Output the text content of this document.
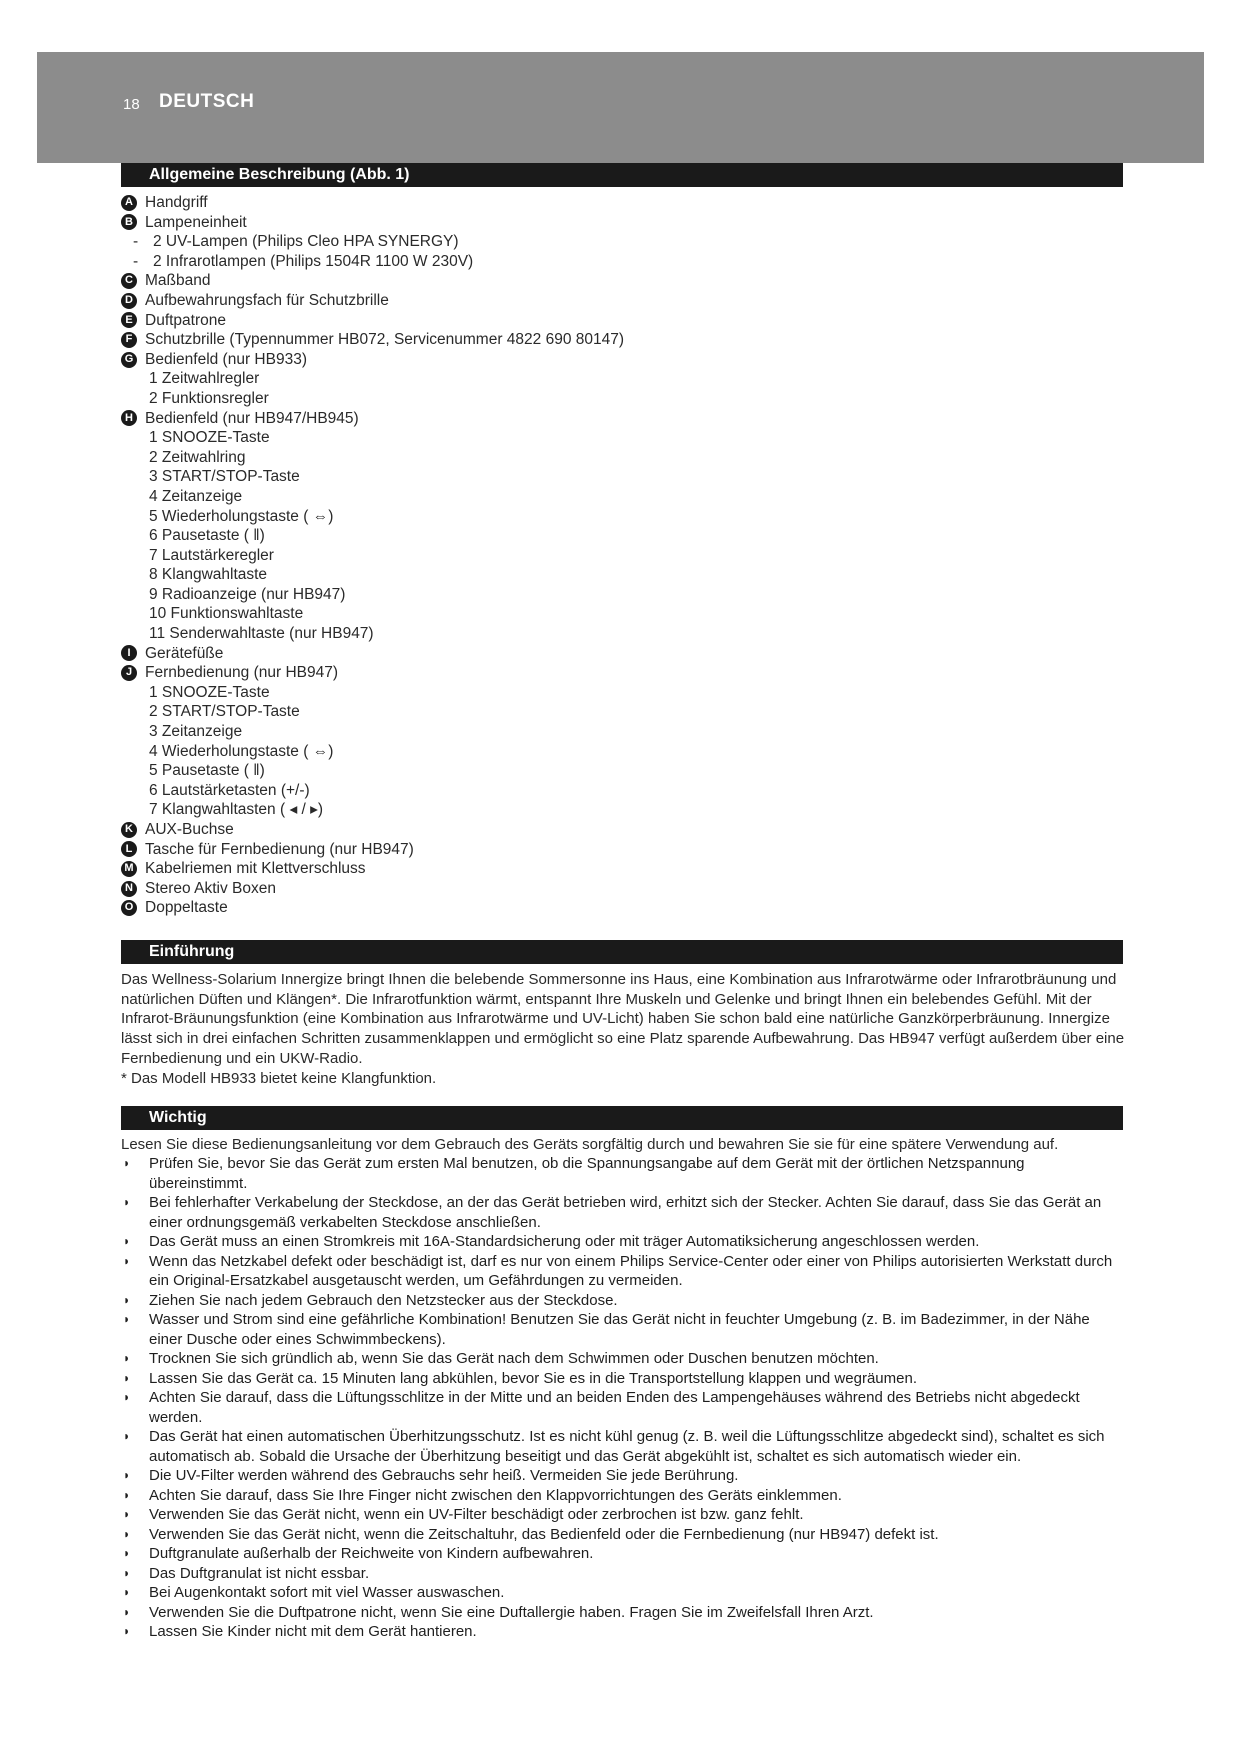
18 DEUTSCH
Allgemeine Beschreibung (Abb. 1)
A Handgriff
B Lampeneinheit
- 2 UV-Lampen (Philips Cleo HPA SYNERGY)
- 2 Infrarotlampen (Philips 1504R 1100 W 230V)
C Maßband
D Aufbewahrungsfach für Schutzbrille
E Duftpatrone
F Schutzbrille (Typennummer HB072, Servicenummer 4822 690 80147)
G Bedienfeld (nur HB933)
1 Zeitwahlregler
2 Funktionsregler
H Bedienfeld (nur HB947/HB945)
1 SNOOZE-Taste
2 Zeitwahlring
3 START/STOP-Taste
4 Zeitanzeige
5 Wiederholungstaste ( ⇔)
6 Pausetaste ( ǁ)
7 Lautstärkeregler
8 Klangwahltaste
9 Radioanzeige (nur HB947)
10 Funktionswahltaste
11 Senderwahltaste (nur HB947)
I Gerätefüße
J Fernbedienung (nur HB947)
1 SNOOZE-Taste
2 START/STOP-Taste
3 Zeitanzeige
4 Wiederholungstaste ( ⇔)
5 Pausetaste ( ǁ)
6 Lautstärketasten (+/-)
7 Klangwahltasten ( ◂ / ▸)
K AUX-Buchse
L Tasche für Fernbedienung (nur HB947)
M Kabelriemen mit Klettverschluss
N Stereo Aktiv Boxen
O Doppeltaste
Einführung

Das Wellness-Solarium Innergize bringt Ihnen die belebende Sommersonne ins Haus, eine Kombination aus Infrarotwärme oder Infrarotbräunung und natürlichen Düften und Klängen*. Die Infrarotfunktion wärmt, entspannt Ihre Muskeln und Gelenke und bringt Ihnen ein belebendes Gefühl. Mit der Infrarot-Bräunungsfunktion (eine Kombination aus Infrarotwärme und UV-Licht) haben Sie schon bald eine natürliche Ganzkörperbräunung. Innergize lässt sich in drei einfachen Schritten zusammenklappen und ermöglicht so eine Platz sparende Aufbewahrung. Das HB947 verfügt außerdem über eine Fernbedienung und ein UKW-Radio.

* Das Modell HB933 bietet keine Klangfunktion.

Wichtig
Lesen Sie diese Bedienungsanleitung vor dem Gebrauch des Geräts sorgfältig durch und bewahren Sie sie für eine spätere Verwendung auf.
◗ Prüfen Sie, bevor Sie das Gerät zum ersten Mal benutzen, ob die Spannungsangabe auf dem Gerät mit der örtlichen Netzspannung übereinstimmt.
◗ Bei fehlerhafter Verkabelung der Steckdose, an der das Gerät betrieben wird, erhitzt sich der Stecker. Achten Sie darauf, dass Sie das Gerät an einer ordnungsgemäß verkabelten Steckdose anschließen.
◗ Das Gerät muss an einen Stromkreis mit 16A-Standardsicherung oder mit träger Automatiksicherung angeschlossen werden.
◗ Wenn das Netzkabel defekt oder beschädigt ist, darf es nur von einem Philips Service-Center oder einer von Philips autorisierten Werkstatt durch ein Original-Ersatzkabel ausgetauscht werden, um Gefährdungen zu vermeiden.
◗ Ziehen Sie nach jedem Gebrauch den Netzstecker aus der Steckdose.
◗ Wasser und Strom sind eine gefährliche Kombination! Benutzen Sie das Gerät nicht in feuchter Umgebung (z. B. im Badezimmer, in der Nähe einer Dusche oder eines Schwimmbeckens).
◗ Trocknen Sie sich gründlich ab, wenn Sie das Gerät nach dem Schwimmen oder Duschen benutzen möchten.
◗ Lassen Sie das Gerät ca. 15 Minuten lang abkühlen, bevor Sie es in die Transportstellung klappen und wegräumen.
◗ Achten Sie darauf, dass die Lüftungsschlitze in der Mitte und an beiden Enden des Lampengehäuses während des Betriebs nicht abgedeckt werden.
◗ Das Gerät hat einen automatischen Überhitzungsschutz. Ist es nicht kühl genug (z. B. weil die Lüftungsschlitze abgedeckt sind), schaltet es sich automatisch ab. Sobald die Ursache der Überhitzung beseitigt und das Gerät abgekühlt ist, schaltet es sich automatisch wieder ein.
◗ Die UV-Filter werden während des Gebrauchs sehr heiß. Vermeiden Sie jede Berührung.
◗ Achten Sie darauf, dass Sie Ihre Finger nicht zwischen den Klappvorrichtungen des Geräts einklemmen.
◗ Verwenden Sie das Gerät nicht, wenn ein UV-Filter beschädigt oder zerbrochen ist bzw. ganz fehlt.
◗ Verwenden Sie das Gerät nicht, wenn die Zeitschaltuhr, das Bedienfeld oder die Fernbedienung (nur HB947) defekt ist.
◗ Duftgranulate außerhalb der Reichweite von Kindern aufbewahren.
◗ Das Duftgranulat ist nicht essbar.
◗ Bei Augenkontakt sofort mit viel Wasser auswaschen.
◗ Verwenden Sie die Duftpatrone nicht, wenn Sie eine Duftallergie haben. Fragen Sie im Zweifelsfall Ihren Arzt.
◗ Lassen Sie Kinder nicht mit dem Gerät hantieren.
